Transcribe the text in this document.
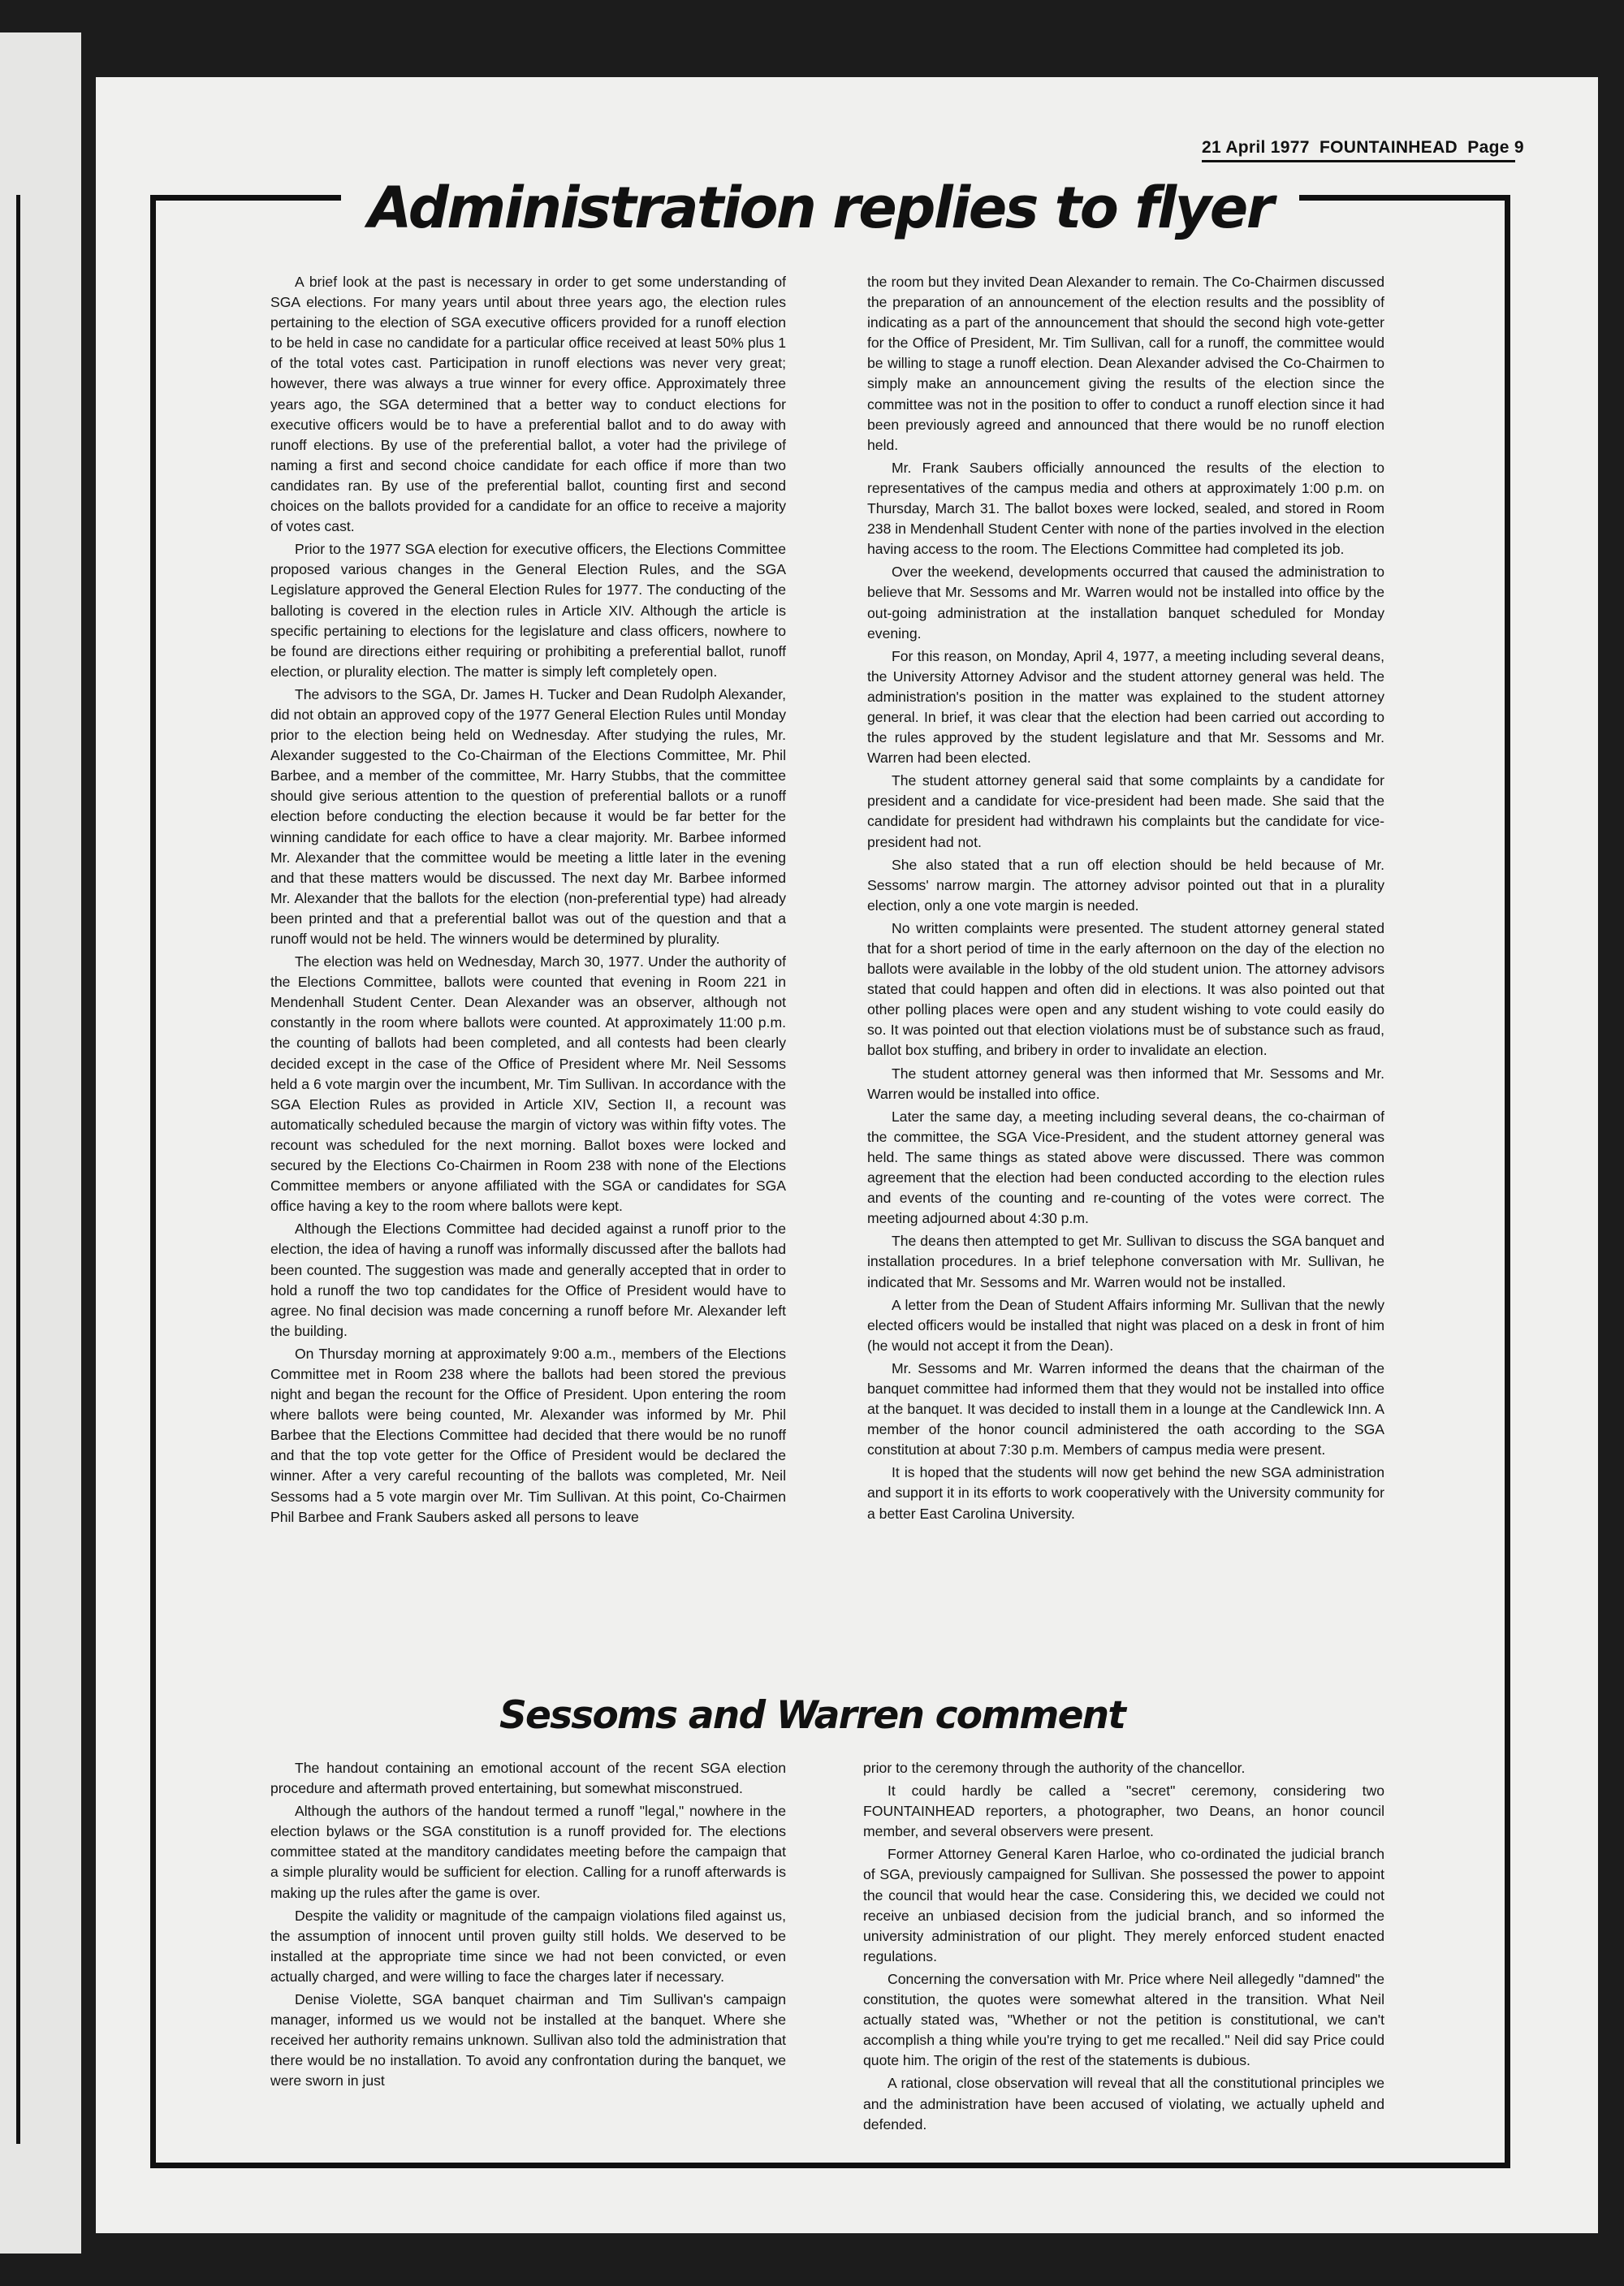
21 April 1977 FOUNTAINHEAD Page 9
Administration replies to flyer

A brief look at the past is necessary in order to get some understanding of SGA elections. For many years until about three years ago, the election rules pertaining to the election of SGA executive officers provided for a runoff election to be held in case no candidate for a particular office received at least 50% plus 1 of the total votes cast. Participation in runoff elections was never very great; however, there was always a true winner for every office. Approximately three years ago, the SGA determined that a better way to conduct elections for executive officers would be to have a preferential ballot and to do away with runoff elections. By use of the preferential ballot, a voter had the privilege of naming a first and second choice candidate for each office if more than two candidates ran. By use of the preferential ballot, counting first and second choices on the ballots provided for a candidate for an office to receive a majority of votes cast.

Prior to the 1977 SGA election for executive officers, the Elections Committee proposed various changes in the General Election Rules, and the SGA Legislature approved the General Election Rules for 1977. The conducting of the balloting is covered in the election rules in Article XIV. Although the article is specific pertaining to elections for the legislature and class officers, nowhere to be found are directions either requiring or prohibiting a preferential ballot, runoff election, or plurality election. The matter is simply left completely open.

The advisors to the SGA, Dr. James H. Tucker and Dean Rudolph Alexander, did not obtain an approved copy of the 1977 General Election Rules until Monday prior to the election being held on Wednesday. After studying the rules, Mr. Alexander suggested to the Co-Chairman of the Elections Committee, Mr. Phil Barbee, and a member of the committee, Mr. Harry Stubbs, that the committee should give serious attention to the question of preferential ballots or a runoff election before conducting the election because it would be far better for the winning candidate for each office to have a clear majority. Mr. Barbee informed Mr. Alexander that the committee would be meeting a little later in the evening and that these matters would be discussed. The next day Mr. Barbee informed Mr. Alexander that the ballots for the election (non-preferential type) had already been printed and that a preferential ballot was out of the question and that a runoff would not be held. The winners would be determined by plurality.

The election was held on Wednesday, March 30, 1977. Under the authority of the Elections Committee, ballots were counted that evening in Room 221 in Mendenhall Student Center. Dean Alexander was an observer, although not constantly in the room where ballots were counted. At approximately 11:00 p.m. the counting of ballots had been completed, and all contests had been clearly decided except in the case of the Office of President where Mr. Neil Sessoms held a 6 vote margin over the incumbent, Mr. Tim Sullivan. In accordance with the SGA Election Rules as provided in Article XIV, Section II, a recount was automatically scheduled because the margin of victory was within fifty votes. The recount was scheduled for the next morning. Ballot boxes were locked and secured by the Elections Co-Chairmen in Room 238 with none of the Elections Committee members or anyone affiliated with the SGA or candidates for SGA office having a key to the room where ballots were kept.

Although the Elections Committee had decided against a runoff prior to the election, the idea of having a runoff was informally discussed after the ballots had been counted. The suggestion was made and generally accepted that in order to hold a runoff the two top candidates for the Office of President would have to agree. No final decision was made concerning a runoff before Mr. Alexander left the building.

On Thursday morning at approximately 9:00 a.m., members of the Elections Committee met in Room 238 where the ballots had been stored the previous night and began the recount for the Office of President. Upon entering the room where ballots were being counted, Mr. Alexander was informed by Mr. Phil Barbee that the Elections Committee had decided that there would be no runoff and that the top vote getter for the Office of President would be declared the winner. After a very careful recounting of the ballots was completed, Mr. Neil Sessoms had a 5 vote margin over Mr. Tim Sullivan. At this point, Co-Chairmen Phil Barbee and Frank Saubers asked all persons to leave

the room but they invited Dean Alexander to remain. The Co-Chairmen discussed the preparation of an announcement of the election results and the possiblity of indicating as a part of the announcement that should the second high vote-getter for the Office of President, Mr. Tim Sullivan, call for a runoff, the committee would be willing to stage a runoff election. Dean Alexander advised the Co-Chairmen to simply make an announcement giving the results of the election since the committee was not in the position to offer to conduct a runoff election since it had been previously agreed and announced that there would be no runoff election held.

Mr. Frank Saubers officially announced the results of the election to representatives of the campus media and others at approximately 1:00 p.m. on Thursday, March 31. The ballot boxes were locked, sealed, and stored in Room 238 in Mendenhall Student Center with none of the parties involved in the election having access to the room. The Elections Committee had completed its job.

Over the weekend, developments occurred that caused the administration to believe that Mr. Sessoms and Mr. Warren would not be installed into office by the out-going administration at the installation banquet scheduled for Monday evening.

For this reason, on Monday, April 4, 1977, a meeting including several deans, the University Attorney Advisor and the student attorney general was held. The administration's position in the matter was explained to the student attorney general. In brief, it was clear that the election had been carried out according to the rules approved by the student legislature and that Mr. Sessoms and Mr. Warren had been elected.

The student attorney general said that some complaints by a candidate for president and a candidate for vice-president had been made. She said that the candidate for president had withdrawn his complaints but the candidate for vice-president had not.

She also stated that a run off election should be held because of Mr. Sessoms' narrow margin. The attorney advisor pointed out that in a plurality election, only a one vote margin is needed.

No written complaints were presented. The student attorney general stated that for a short period of time in the early afternoon on the day of the election no ballots were available in the lobby of the old student union. The attorney advisors stated that could happen and often did in elections. It was also pointed out that other polling places were open and any student wishing to vote could easily do so. It was pointed out that election violations must be of substance such as fraud, ballot box stuffing, and bribery in order to invalidate an election.

The student attorney general was then informed that Mr. Sessoms and Mr. Warren would be installed into office.

Later the same day, a meeting including several deans, the co-chairman of the committee, the SGA Vice-President, and the student attorney general was held. The same things as stated above were discussed. There was common agreement that the election had been conducted according to the election rules and events of the counting and re-counting of the votes were correct. The meeting adjourned about 4:30 p.m.

The deans then attempted to get Mr. Sullivan to discuss the SGA banquet and installation procedures. In a brief telephone conversation with Mr. Sullivan, he indicated that Mr. Sessoms and Mr. Warren would not be installed.

A letter from the Dean of Student Affairs informing Mr. Sullivan that the newly elected officers would be installed that night was placed on a desk in front of him (he would not accept it from the Dean).

Mr. Sessoms and Mr. Warren informed the deans that the chairman of the banquet committee had informed them that they would not be installed into office at the banquet. It was decided to install them in a lounge at the Candlewick Inn. A member of the honor council administered the oath according to the SGA constitution at about 7:30 p.m. Members of campus media were present.

It is hoped that the students will now get behind the new SGA administration and support it in its efforts to work cooperatively with the University community for a better East Carolina University.

Sessoms and Warren comment

The handout containing an emotional account of the recent SGA election procedure and aftermath proved entertaining, but somewhat misconstrued.

Although the authors of the handout termed a runoff "legal," nowhere in the election bylaws or the SGA constitution is a runoff provided for. The elections committee stated at the manditory candidates meeting before the campaign that a simple plurality would be sufficient for election. Calling for a runoff afterwards is making up the rules after the game is over.

Despite the validity or magnitude of the campaign violations filed against us, the assumption of innocent until proven guilty still holds. We deserved to be installed at the appropriate time since we had not been convicted, or even actually charged, and were willing to face the charges later if necessary.

Denise Violette, SGA banquet chairman and Tim Sullivan's campaign manager, informed us we would not be installed at the banquet. Where she received her authority remains unknown. Sullivan also told the administration that there would be no installation. To avoid any confrontation during the banquet, we were sworn in just

prior to the ceremony through the authority of the chancellor.

It could hardly be called a "secret" ceremony, considering two FOUNTAINHEAD reporters, a photographer, two Deans, an honor council member, and several observers were present.

Former Attorney General Karen Harloe, who co-ordinated the judicial branch of SGA, previously campaigned for Sullivan. She possessed the power to appoint the council that would hear the case. Considering this, we decided we could not receive an unbiased decision from the judicial branch, and so informed the university administration of our plight. They merely enforced student enacted regulations.

Concerning the conversation with Mr. Price where Neil allegedly "damned" the constitution, the quotes were somewhat altered in the transition. What Neil actually stated was, "Whether or not the petition is constitutional, we can't accomplish a thing while you're trying to get me recalled." Neil did say Price could quote him. The origin of the rest of the statements is dubious.

A rational, close observation will reveal that all the constitutional principles we and the administration have been accused of violating, we actually upheld and defended.
